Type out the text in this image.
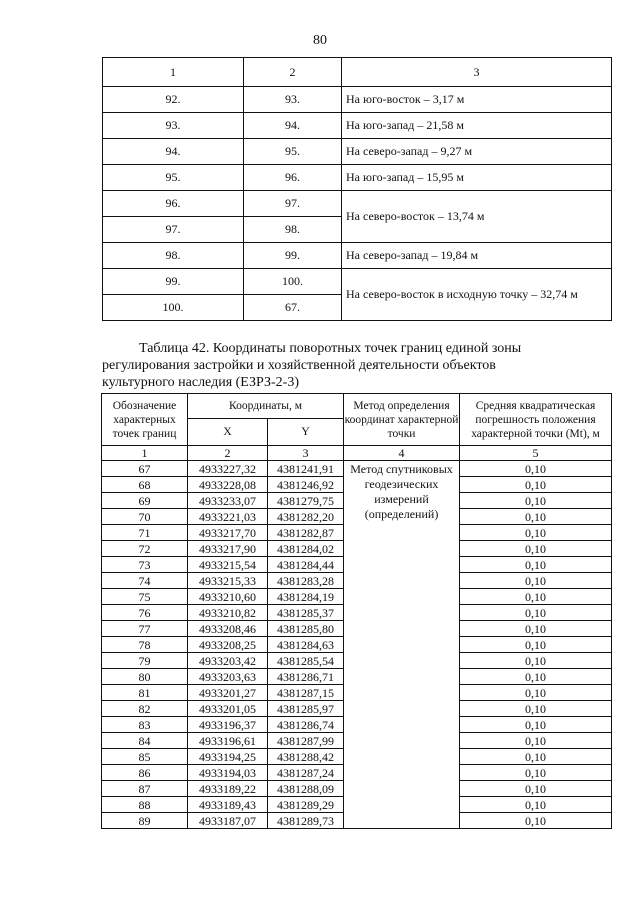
80
1	2	3
92.	93.	На юго-восток – 3,17 м
93.	94.	На юго-запад – 21,58 м
94.	95.	На северо-запад – 9,27 м
95.	96.	На юго-запад – 15,95 м
96.	97.	На северо-восток – 13,74 м
97.	98.	
98.	99.	На северо-запад – 19,84 м
99.	100.	На северо-восток в исходную точку – 32,74 м
100.	67.	
Таблица 42. Координаты поворотных точек границ единой зоны
регулирования застройки и хозяйственной деятельности объектов
культурного наследия (ЕЗРЗ-2-3)
Обозначение характерных точек границ	Координаты, м		Метод определения координат характерной точки	Средняя квадратическая погрешность положения характерной точки (Mt), м
	X	Y		
1	2	3	4	5
67	4933227,32	4381241,91	Метод спутниковых геодезических измерений (определений)	0,10
68	4933228,08	4381246,92		0,10
69	4933233,07	4381279,75		0,10
70	4933221,03	4381282,20		0,10
71	4933217,70	4381282,87		0,10
72	4933217,90	4381284,02		0,10
73	4933215,54	4381284,44		0,10
74	4933215,33	4381283,28		0,10
75	4933210,60	4381284,19		0,10
76	4933210,82	4381285,37		0,10
77	4933208,46	4381285,80		0,10
78	4933208,25	4381284,63		0,10
79	4933203,42	4381285,54		0,10
80	4933203,63	4381286,71		0,10
81	4933201,27	4381287,15		0,10
82	4933201,05	4381285,97		0,10
83	4933196,37	4381286,74		0,10
84	4933196,61	4381287,99		0,10
85	4933194,25	4381288,42		0,10
86	4933194,03	4381287,24		0,10
87	4933189,22	4381288,09		0,10
88	4933189,43	4381289,29		0,10
89	4933187,07	4381289,73		0,10
